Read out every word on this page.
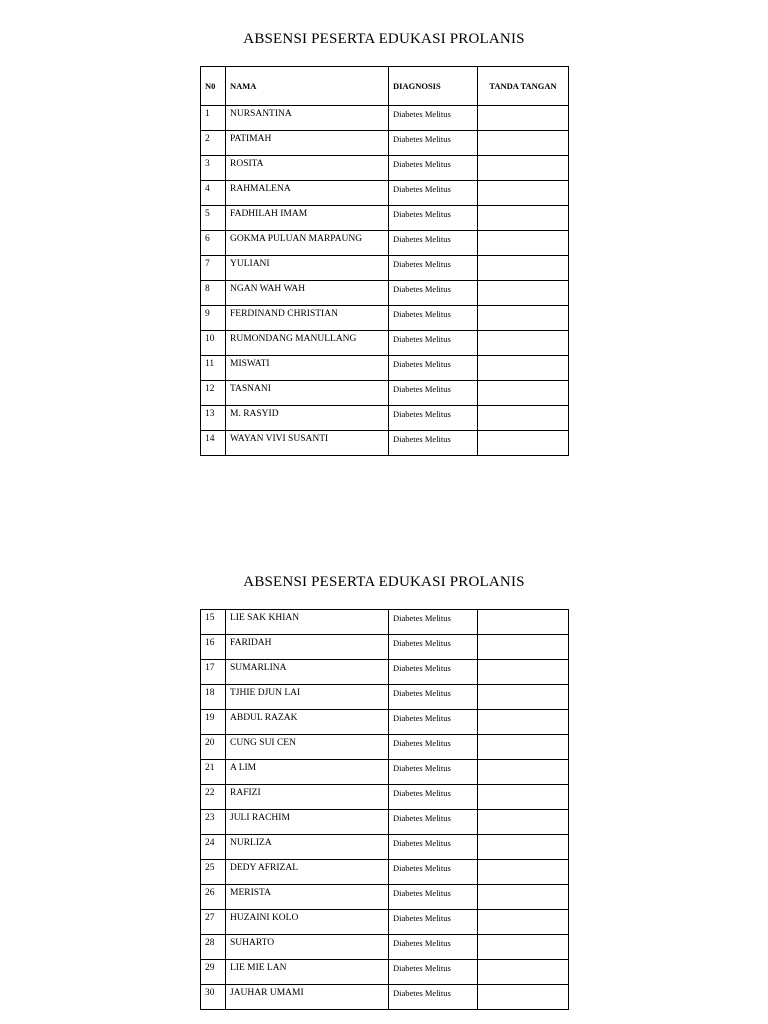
ABSENSI PESERTA EDUKASI PROLANIS
N0	NAMA	DIAGNOSIS	TANDA TANGAN
1	NURSANTINA	Diabetes Melitus	
2	PATIMAH	Diabetes Melitus	
3	ROSITA	Diabetes Melitus	
4	RAHMALENA	Diabetes Melitus	
5	FADHILAH IMAM	Diabetes Melitus	
6	GOKMA PULUAN MARPAUNG	Diabetes Melitus	
7	YULIANI	Diabetes Melitus	
8	NGAN WAH WAH	Diabetes Melitus	
9	FERDINAND CHRISTIAN	Diabetes Melitus	
10	RUMONDANG MANULLANG	Diabetes Melitus	
11	MISWATI	Diabetes Melitus	
12	TASNANI	Diabetes Melitus	
13	M. RASYID	Diabetes Melitus	
14	WAYAN VIVI SUSANTI	Diabetes Melitus	
ABSENSI PESERTA EDUKASI PROLANIS
15	LIE SAK KHIAN	Diabetes Melitus	
16	FARIDAH	Diabetes Melitus	
17	SUMARLINA	Diabetes Melitus	
18	TJHIE DJUN LAI	Diabetes Melitus	
19	ABDUL RAZAK	Diabetes Melitus	
20	CUNG SUI CEN	Diabetes Melitus	
21	A LIM	Diabetes Melitus	
22	RAFIZI	Diabetes Melitus	
23	JULI RACHIM	Diabetes Melitus	
24	NURLIZA	Diabetes Melitus	
25	DEDY AFRIZAL	Diabetes Melitus	
26	MERISTA	Diabetes Melitus	
27	HUZAINI KOLO	Diabetes Melitus	
28	SUHARTO	Diabetes Melitus	
29	LIE MIE LAN	Diabetes Melitus	
30	JAUHAR UMAMI	Diabetes Melitus	
